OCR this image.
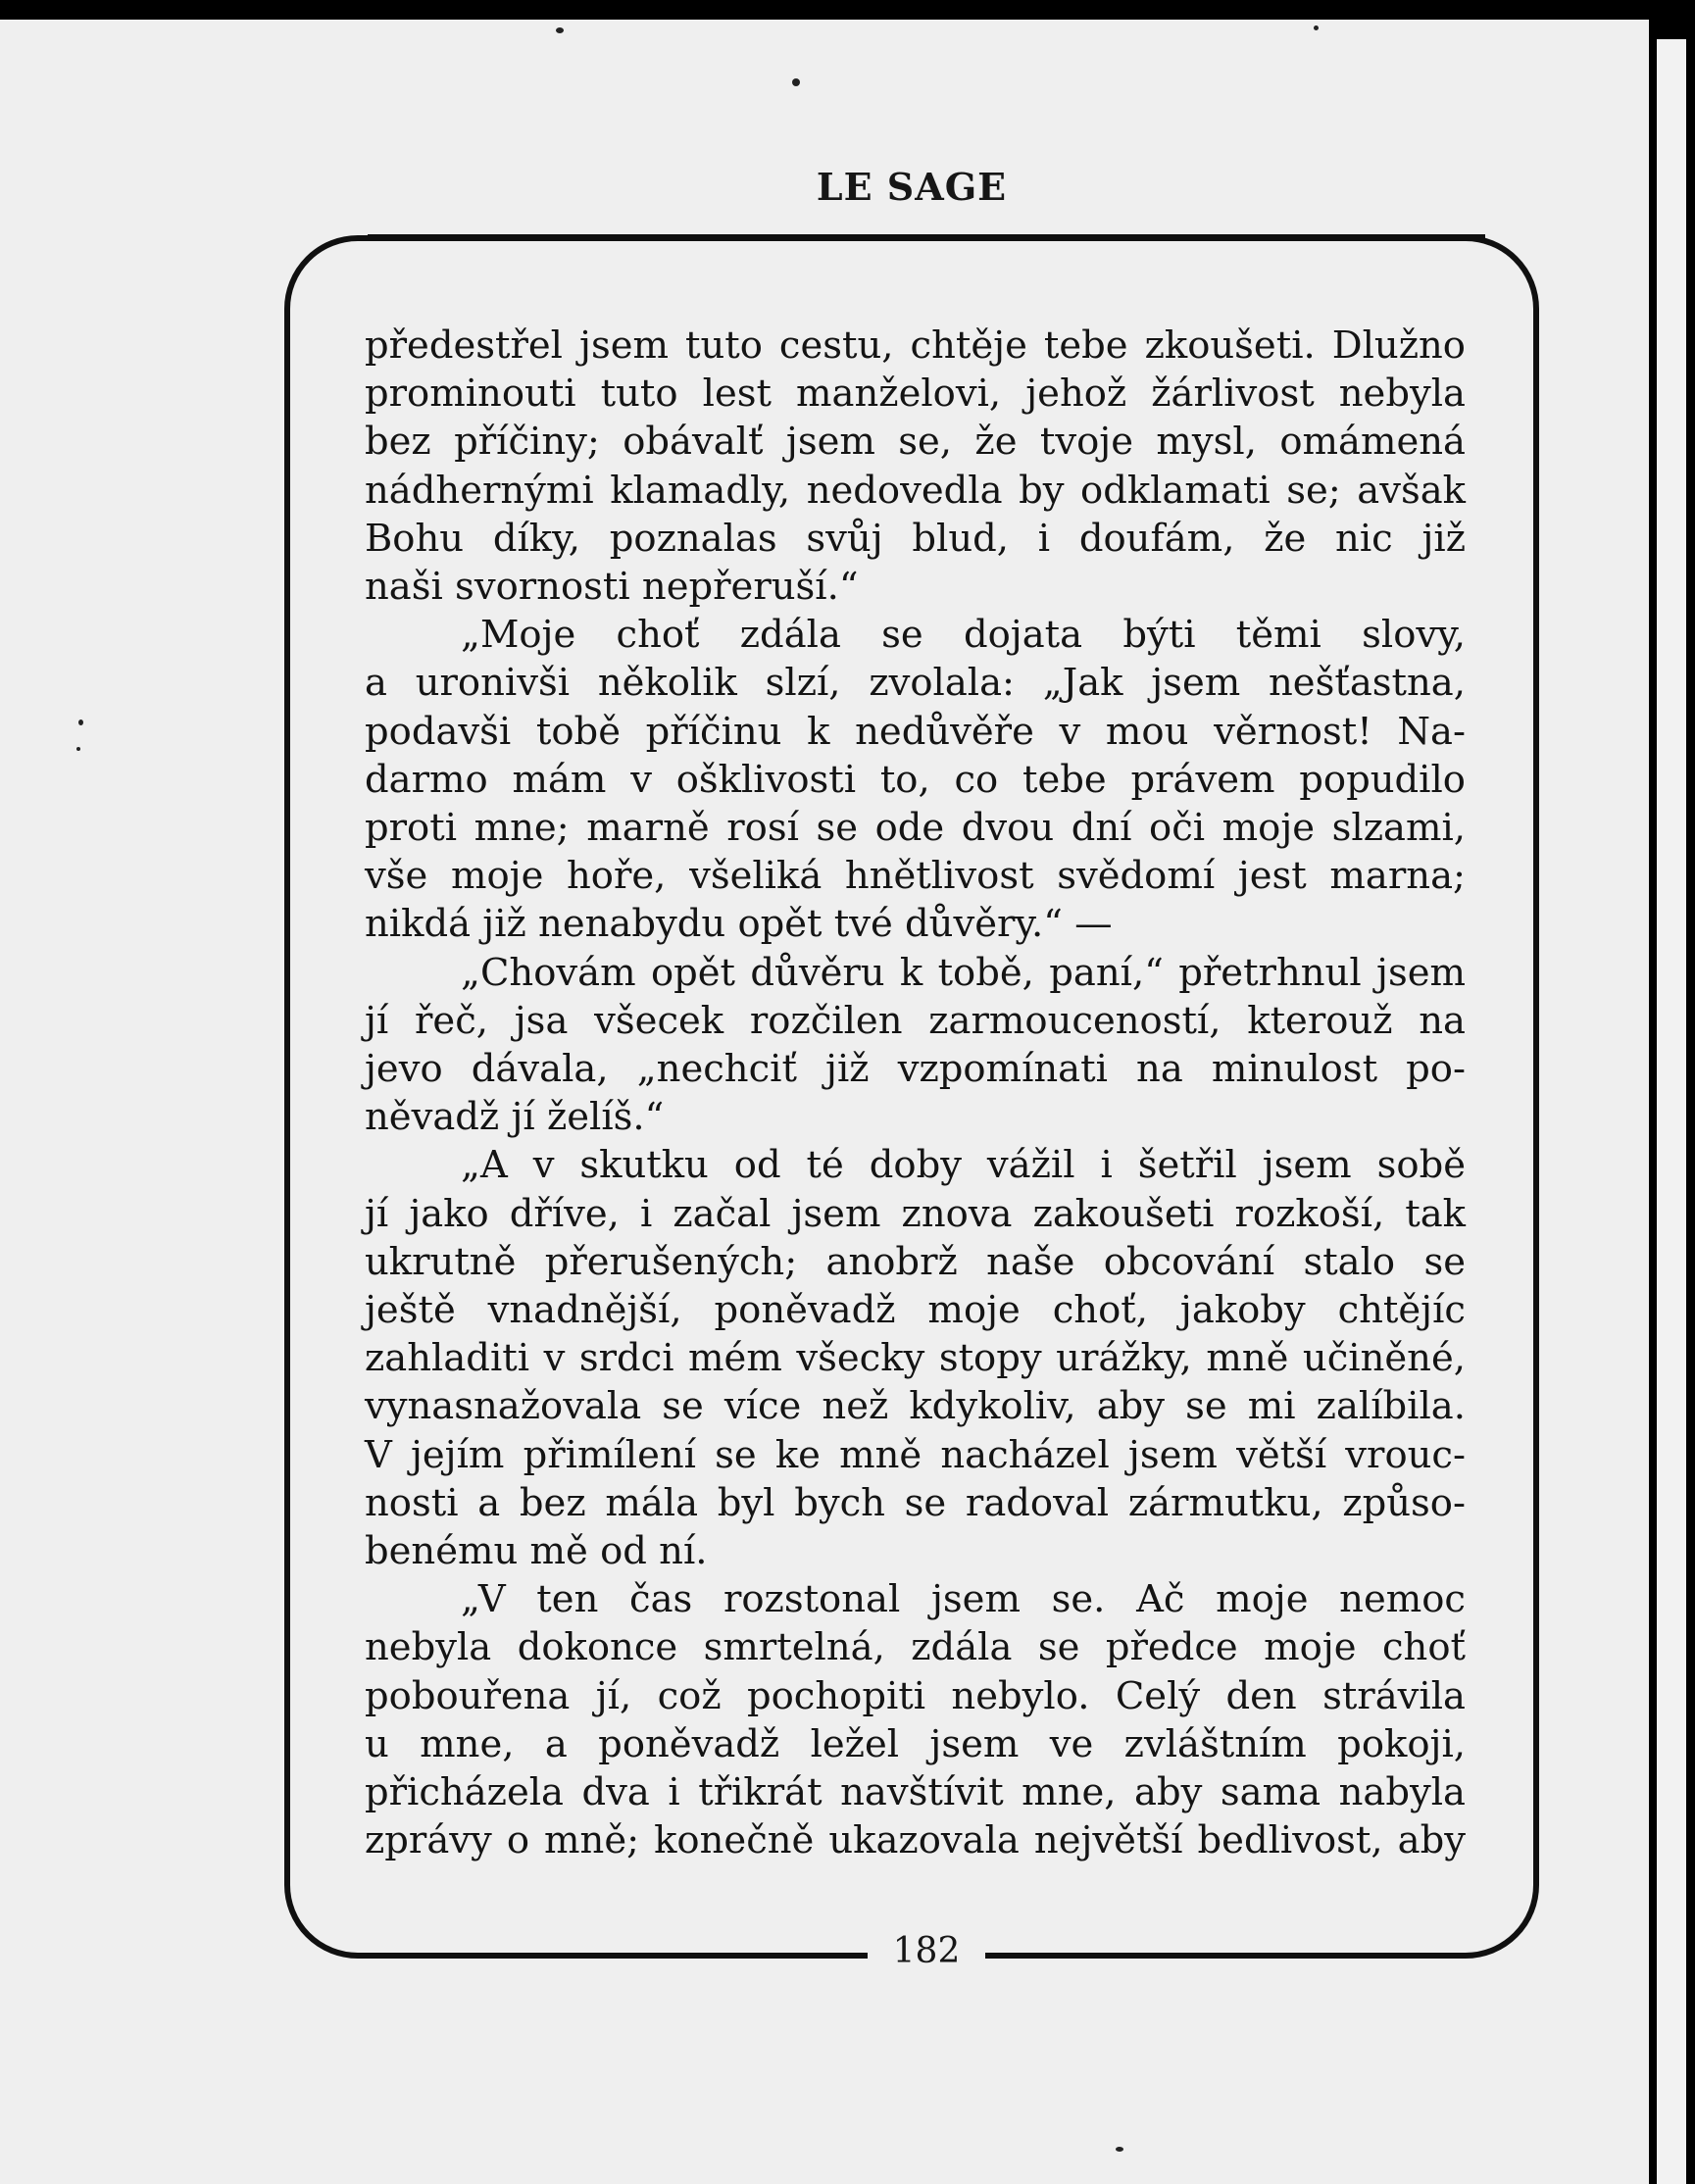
LE SAGE
182
předestřel jsem tuto cestu, chtěje tebe zkoušeti. Dlužno
prominouti tuto lest manželovi, jehož žárlivost nebyla
bez příčiny; obávalť jsem se, že tvoje mysl, omámená
nádhernými klamadly, nedovedla by odklamati se; avšak
Bohu díky, poznalas svůj blud, i doufám, že nic již
naši svornosti nepřeruší.“
„Moje choť zdála se dojata býti těmi slovy,
a uronivši několik slzí, zvolala: „Jak jsem nešťastna,
podavši tobě příčinu k nedůvěře v mou věrnost! Na-
darmo mám v ošklivosti to, co tebe právem popudilo
proti mne; marně rosí se ode dvou dní oči moje slzami,
vše moje hoře, všeliká hnětlivost svědomí jest marna;
nikdá již nenabydu opět tvé důvěry.“ —
„Chovám opět důvěru k tobě, paní,“ přetrhnul jsem
jí řeč, jsa všecek rozčilen zarmouceností, kterouž na
jevo dávala, „nechciť již vzpomínati na minulost po-
něvadž jí želíš.“
„A v skutku od té doby vážil i šetřil jsem sobě
jí jako dříve, i začal jsem znova zakoušeti rozkoší, tak
ukrutně přerušených; anobrž naše obcování stalo se
ještě vnadnější, poněvadž moje choť, jakoby chtějíc
zahladiti v srdci mém všecky stopy urážky, mně učiněné,
vynasnažovala se více než kdykoliv, aby se mi zalíbila.
V jejím přimílení se ke mně nacházel jsem větší vrouc-
nosti a bez mála byl bych se radoval zármutku, způso-
benému mě od ní.
„V ten čas rozstonal jsem se. Ač moje nemoc
nebyla dokonce smrtelná, zdála se předce moje choť
pobouřena jí, což pochopiti nebylo. Celý den strávila
u mne, a poněvadž ležel jsem ve zvláštním pokoji,
přicházela dva i třikrát navštívit mne, aby sama nabyla
zprávy o mně; konečně ukazovala největší bedlivost, aby
